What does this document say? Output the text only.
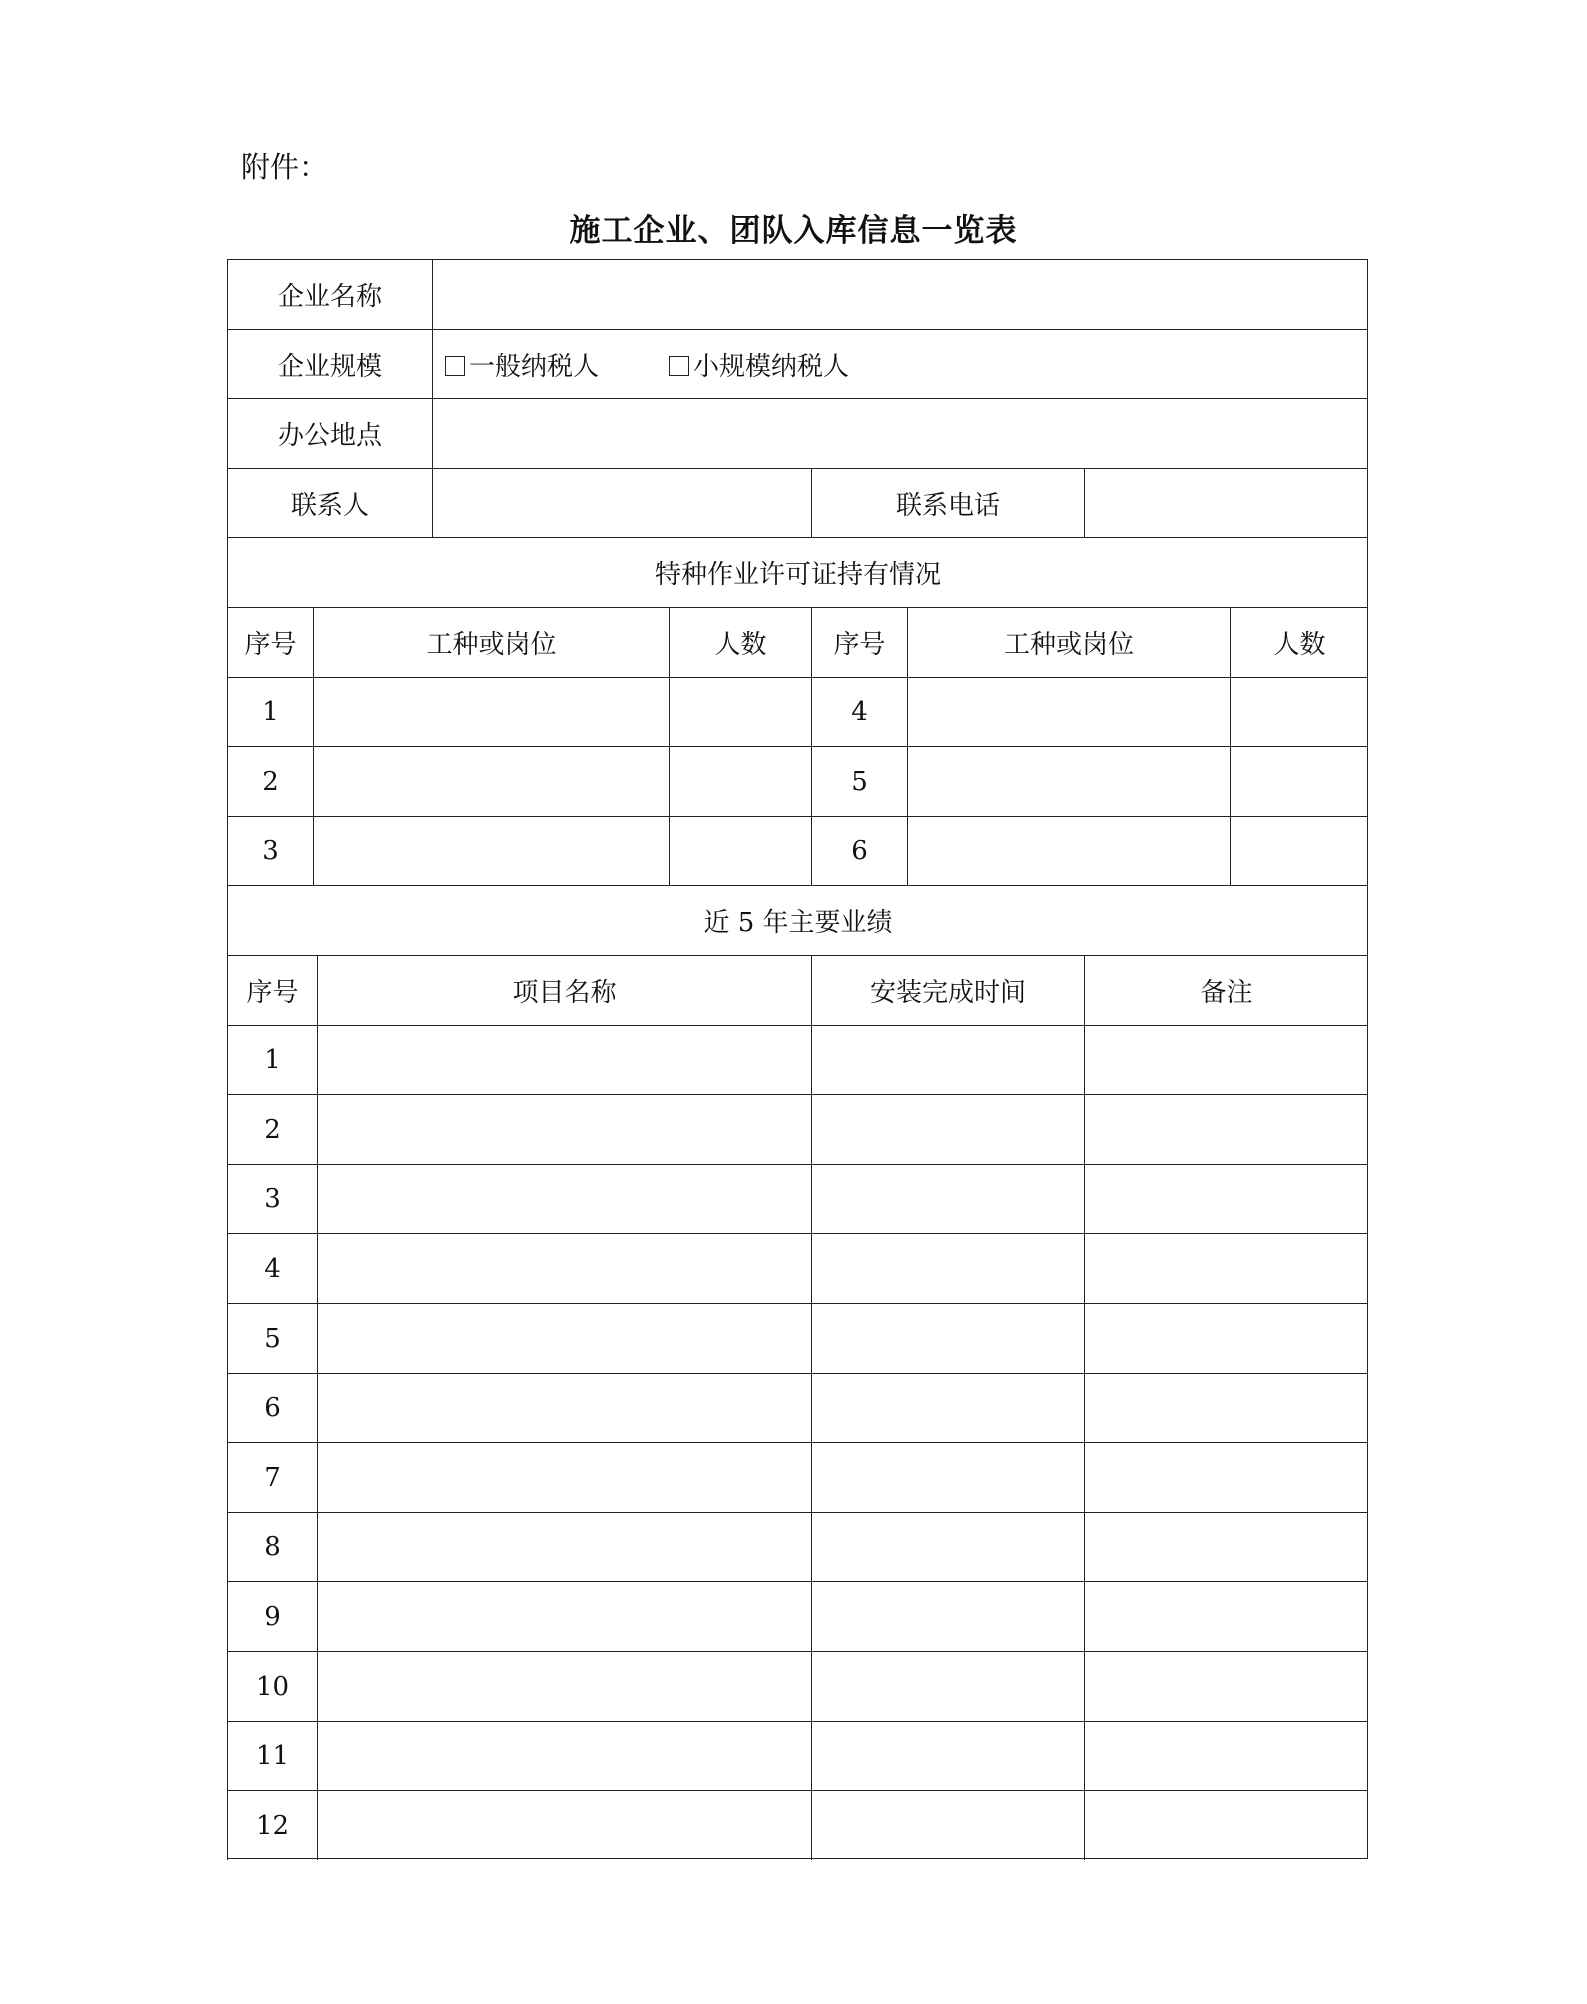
附件：
施工企业、团队入库信息一览表
企业名称
企业规模	一般纳税人	小规模纳税人
办公地点
联系人	联系电话
特种作业许可证持有情况
序号	工种或岗位	人数	序号	工种或岗位	人数
1	4
2	5
3	6
近 5 年主要业绩
序号	项目名称	安装完成时间	备注
1
2
3
4
5
6
7
8
9
10
11
12
